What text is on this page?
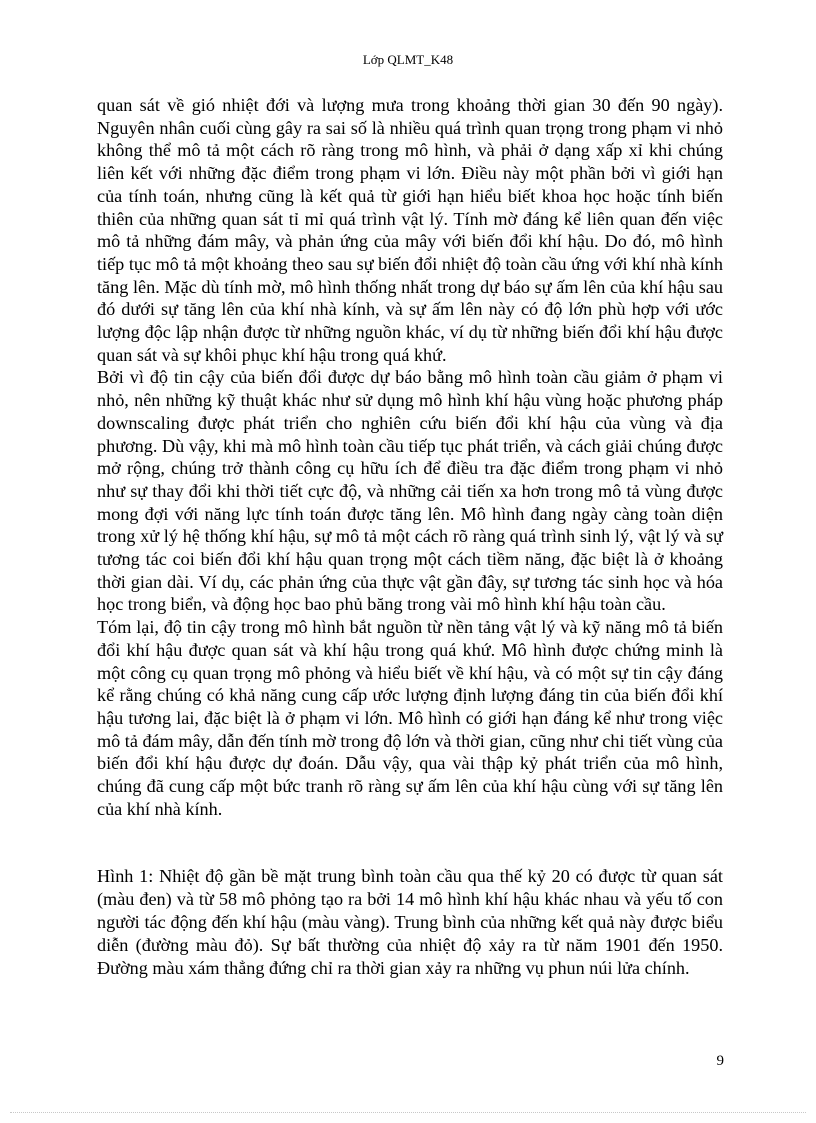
Lớp QLMT_K48

quan sát về gió nhiệt đới và lượng mưa trong khoảng thời gian 30 đến 90 ngày). Nguyên nhân cuối cùng gây ra sai số là nhiều quá trình quan trọng trong phạm vi nhỏ không thể mô tả một cách rõ ràng trong mô hình, và phải ở dạng xấp xỉ khi chúng liên kết với những đặc điểm trong phạm vi lớn. Điều này một phần bởi vì giới hạn của tính toán, nhưng cũng là kết quả từ giới hạn hiểu biết khoa học hoặc tính biến thiên của những quan sát tỉ mỉ quá trình vật lý. Tính mờ đáng kể liên quan đến việc mô tả những đám mây, và phản ứng của mây với biến đổi khí hậu. Do đó, mô hình tiếp tục mô tả một khoảng theo sau sự biến đổi nhiệt độ toàn cầu ứng với khí nhà kính tăng lên. Mặc dù tính mờ, mô hình thống nhất trong dự báo sự ấm lên của khí hậu sau đó dưới sự tăng lên của khí nhà kính, và sự ấm lên này có độ lớn phù hợp với ước lượng độc lập nhận được từ những nguồn khác, ví dụ từ những biến đổi khí hậu được quan sát và sự khôi phục khí hậu trong quá khứ.

Bởi vì độ tin cậy của biến đổi được dự báo bằng mô hình toàn cầu giảm ở phạm vi nhỏ, nên những kỹ thuật khác như sử dụng mô hình khí hậu vùng hoặc phương pháp downscaling được phát triển cho nghiên cứu biến đổi khí hậu của vùng và địa phương. Dù vậy, khi mà mô hình toàn cầu tiếp tục phát triển, và cách giải chúng được mở rộng, chúng trở thành công cụ hữu ích để điều tra đặc điểm trong phạm vi nhỏ như sự thay đổi khi thời tiết cực độ, và những cải tiến xa hơn trong mô tả vùng được mong đợi với năng lực tính toán được tăng lên. Mô hình đang ngày càng toàn diện trong xử lý hệ thống khí hậu, sự mô tả một cách rõ ràng quá trình sinh lý, vật lý và sự tương tác coi biến đổi khí hậu quan trọng một cách tiềm năng, đặc biệt là ở khoảng thời gian dài. Ví dụ, các phản ứng của thực vật gần đây, sự tương tác sinh học và hóa học trong biển, và động học bao phủ băng trong vài mô hình khí hậu toàn cầu.

Tóm lại, độ tin cậy trong mô hình bắt nguồn từ nền tảng vật lý và kỹ năng mô tả biến đổi khí hậu được quan sát và khí hậu trong quá khứ. Mô hình được chứng minh là một công cụ quan trọng mô phỏng và hiểu biết về khí hậu, và có một sự tin cậy đáng kể rằng chúng có khả năng cung cấp ước lượng định lượng đáng tin của biến đổi khí hậu tương lai, đặc biệt là ở phạm vi lớn. Mô hình có giới hạn đáng kể như trong việc mô tả đám mây, dẫn đến tính mờ trong độ lớn và thời gian, cũng như chi tiết vùng của biến đổi khí hậu được dự đoán. Dẫu vậy, qua vài thập kỷ phát triển của mô hình, chúng đã cung cấp một bức tranh rõ ràng sự ấm lên của khí hậu cùng với sự tăng lên của khí nhà kính.

Hình 1: Nhiệt độ gần bề mặt trung bình toàn cầu qua thế kỷ 20 có được từ quan sát (màu đen) và từ 58 mô phỏng tạo ra bởi 14 mô hình khí hậu khác nhau và yếu tố con người tác động đến khí hậu (màu vàng). Trung bình của những kết quả này được biểu diễn (đường màu đỏ). Sự bất thường của nhiệt độ xảy ra từ năm 1901 đến 1950. Đường màu xám thẳng đứng chỉ ra thời gian xảy ra những vụ phun núi lửa chính.

9
